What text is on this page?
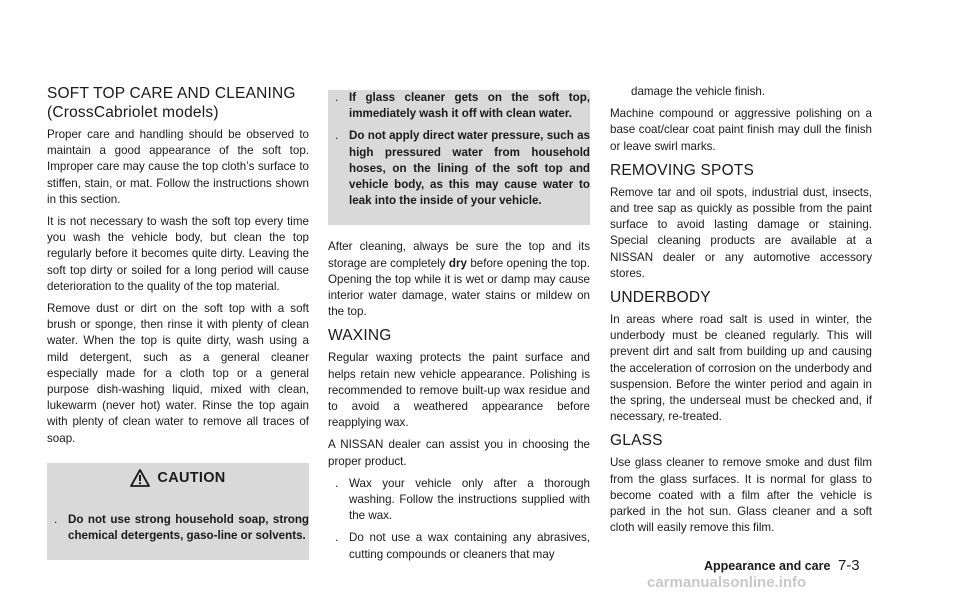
SOFT TOP CARE AND CLEANING
(CrossCabriolet models)

Proper care and handling should be observed to maintain a good appearance of the soft top. Improper care may cause the top cloth’s surface to stiffen, stain, or mat. Follow the instructions shown in this section.

It is not necessary to wash the soft top every time you wash the vehicle body, but clean the top regularly before it becomes quite dirty. Leaving the soft top dirty or soiled for a long period will cause deterioration to the quality of the top material.

Remove dust or dirt on the soft top with a soft brush or sponge, then rinse it with plenty of clean water. When the top is quite dirty, wash using a mild detergent, such as a general cleaner especially made for a cloth top or a general purpose dish-washing liquid, mixed with clean, lukewarm (never hot) water. Rinse the top again with plenty of clean water to remove all traces of soap.

CAUTION
. Do not use strong household soap, strong chemical detergents, gaso-line or solvents.
. If glass cleaner gets on the soft top, immediately wash it off with clean water.
. Do not apply direct water pressure, such as high pressured water from household hoses, on the lining of the soft top and vehicle body, as this may cause water to leak into the inside of your vehicle.

After cleaning, always be sure the top and its storage are completely dry before opening the top. Opening the top while it is wet or damp may cause interior water damage, water stains or mildew on the top.

WAXING

Regular waxing protects the paint surface and helps retain new vehicle appearance. Polishing is recommended to remove built-up wax residue and to avoid a weathered appearance before reapplying wax.

A NISSAN dealer can assist you in choosing the proper product.

. Wax your vehicle only after a thorough washing. Follow the instructions supplied with the wax.
. Do not use a wax containing any abrasives, cutting compounds or cleaners that may

damage the vehicle finish.

Machine compound or aggressive polishing on a base coat/clear coat paint finish may dull the finish or leave swirl marks.

REMOVING SPOTS

Remove tar and oil spots, industrial dust, insects, and tree sap as quickly as possible from the paint surface to avoid lasting damage or staining. Special cleaning products are available at a NISSAN dealer or any automotive accessory stores.

UNDERBODY

In areas where road salt is used in winter, the underbody must be cleaned regularly. This will prevent dirt and salt from building up and causing the acceleration of corrosion on the underbody and suspension. Before the winter period and again in the spring, the underseal must be checked and, if necessary, re-treated.

GLASS

Use glass cleaner to remove smoke and dust film from the glass surfaces. It is normal for glass to become coated with a film after the vehicle is parked in the hot sun. Glass cleaner and a soft cloth will easily remove this film.

Appearance and care 7-3
carmanualsonline.info
